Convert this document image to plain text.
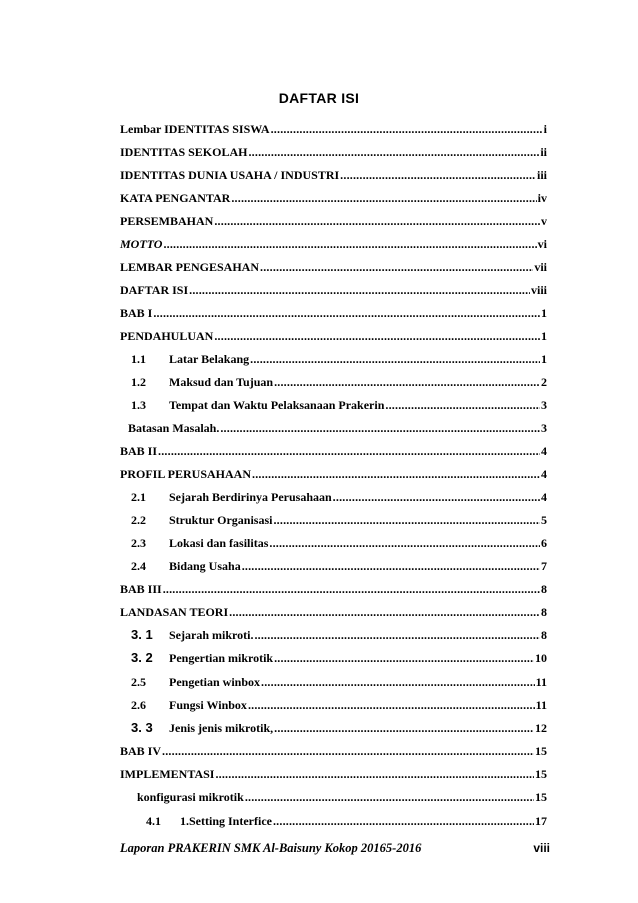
DAFTAR ISI
Lembar IDENTITAS SISWA .....	i
IDENTITAS SEKOLAH .....	ii
IDENTITAS DUNIA USAHA / INDUSTRI .....	iii
KATA PENGANTAR .....	iv
PERSEMBAHAN .....	v
MOTTO .....	vi
LEMBAR PENGESAHAN .....	vii
DAFTAR ISI .....	viii
BAB I .....	1
PENDAHULUAN .....	1
1.1	Latar Belakang .....	1
1.2	Maksud dan Tujuan .....	2
1.3	Tempat dan Waktu Pelaksanaan Prakerin .....	3
Batasan Masalah. .....	3
BAB II .....	4
PROFIL PERUSAHAAN .....	4
2.1	Sejarah Berdirinya Perusahaan .....	4
2.2	Struktur Organisasi .....	5
2.3	Lokasi dan fasilitas .....	6
2.4	Bidang Usaha .....	7
BAB III .....	8
LANDASAN TEORI .....	8
3. 1	Sejarah mikroti. .....	8
3. 2	Pengertian mikrotik .....	10
2.5	Pengetian winbox .....	11
2.6	Fungsi Winbox .....	11
3. 3	Jenis jenis mikrotik, .....	12
BAB IV .....	15
IMPLEMENTASI .....	15
konfigurasi mikrotik .....	15
4.1	1.Setting Interfice .....	17
Laporan PRAKERIN SMK Al-Baisuny Kokop 20165-2016	viii
